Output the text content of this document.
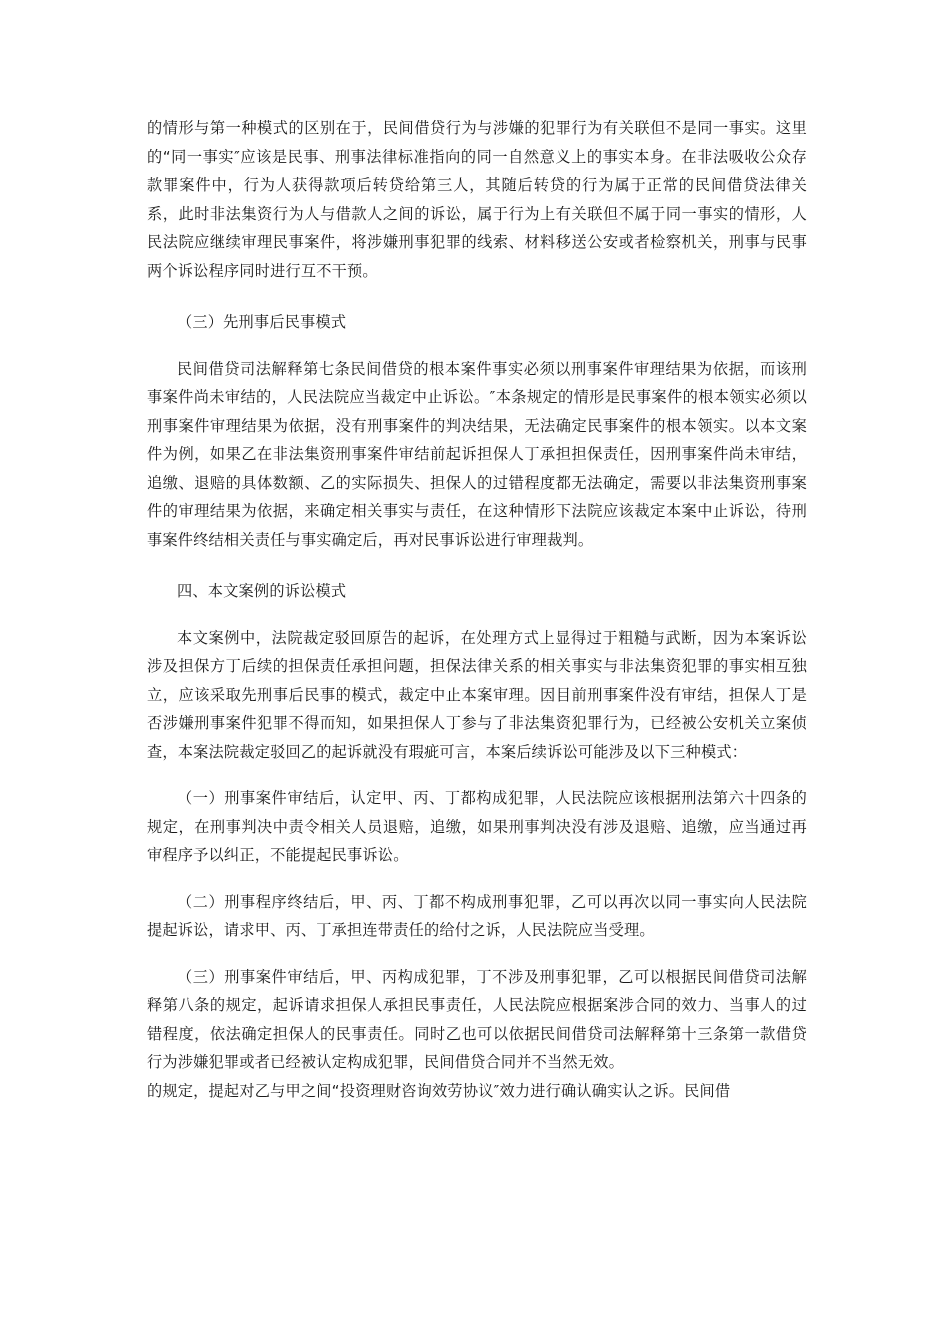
的情形与第一种模式的区别在于，民间借贷行为与涉嫌的犯罪行为有关联但不是同一事实。这里的“同一事实″应该是民事、刑事法律标准指向的同一自然意义上的事实本身。在非法吸收公众存款罪案件中，行为人获得款项后转贷给第三人，其随后转贷的行为属于正常的民间借贷法律关系，此时非法集资行为人与借款人之间的诉讼，属于行为上有关联但不属于同一事实的情形，人民法院应继续审理民事案件，将涉嫌刑事犯罪的线索、材料移送公安或者检察机关，刑事与民事两个诉讼程序同时进行互不干预。

（三）先刑事后民事模式

民间借贷司法解释第七条民间借贷的根本案件事实必须以刑事案件审理结果为依据，而该刑事案件尚未审结的，人民法院应当裁定中止诉讼。″本条规定的情形是民事案件的根本领实必须以刑事案件审理结果为依据，没有刑事案件的判决结果，无法确定民事案件的根本领实。以本文案件为例，如果乙在非法集资刑事案件审结前起诉担保人丁承担担保责任，因刑事案件尚未审结，追缴、退赔的具体数额、乙的实际损失、担保人的过错程度都无法确定，需要以非法集资刑事案件的审理结果为依据，来确定相关事实与责任，在这种情形下法院应该裁定本案中止诉讼，待刑事案件终结相关责任与事实确定后，再对民事诉讼进行审理裁判。

四、本文案例的诉讼模式

本文案例中，法院裁定驳回原告的起诉，在处理方式上显得过于粗糙与武断，因为本案诉讼涉及担保方丁后续的担保责任承担问题，担保法律关系的相关事实与非法集资犯罪的事实相互独立，应该采取先刑事后民事的模式，裁定中止本案审理。因目前刑事案件没有审结，担保人丁是否涉嫌刑事案件犯罪不得而知，如果担保人丁参与了非法集资犯罪行为，已经被公安机关立案侦查，本案法院裁定驳回乙的起诉就没有瑕疵可言，本案后续诉讼可能涉及以下三种模式：

（一）刑事案件审结后，认定甲、丙、丁都构成犯罪，人民法院应该根据刑法第六十四条的规定，在刑事判决中责令相关人员退赔，追缴，如果刑事判决没有涉及退赔、追缴，应当通过再审程序予以纠正，不能提起民事诉讼。

（二）刑事程序终结后，甲、丙、丁都不构成刑事犯罪，乙可以再次以同一事实向人民法院提起诉讼，请求甲、丙、丁承担连带责任的给付之诉，人民法院应当受理。

（三）刑事案件审结后，甲、丙构成犯罪，丁不涉及刑事犯罪，乙可以根据民间借贷司法解释第八条的规定，起诉请求担保人承担民事责任，人民法院应根据案涉合同的效力、当事人的过错程度，依法确定担保人的民事责任。同时乙也可以依据民间借贷司法解释第十三条第一款借贷行为涉嫌犯罪或者已经被认定构成犯罪，民间借贷合同并不当然无效。

的规定，提起对乙与甲之间“投资理财咨询效劳协议″效力进行确认确实认之诉。民间借
